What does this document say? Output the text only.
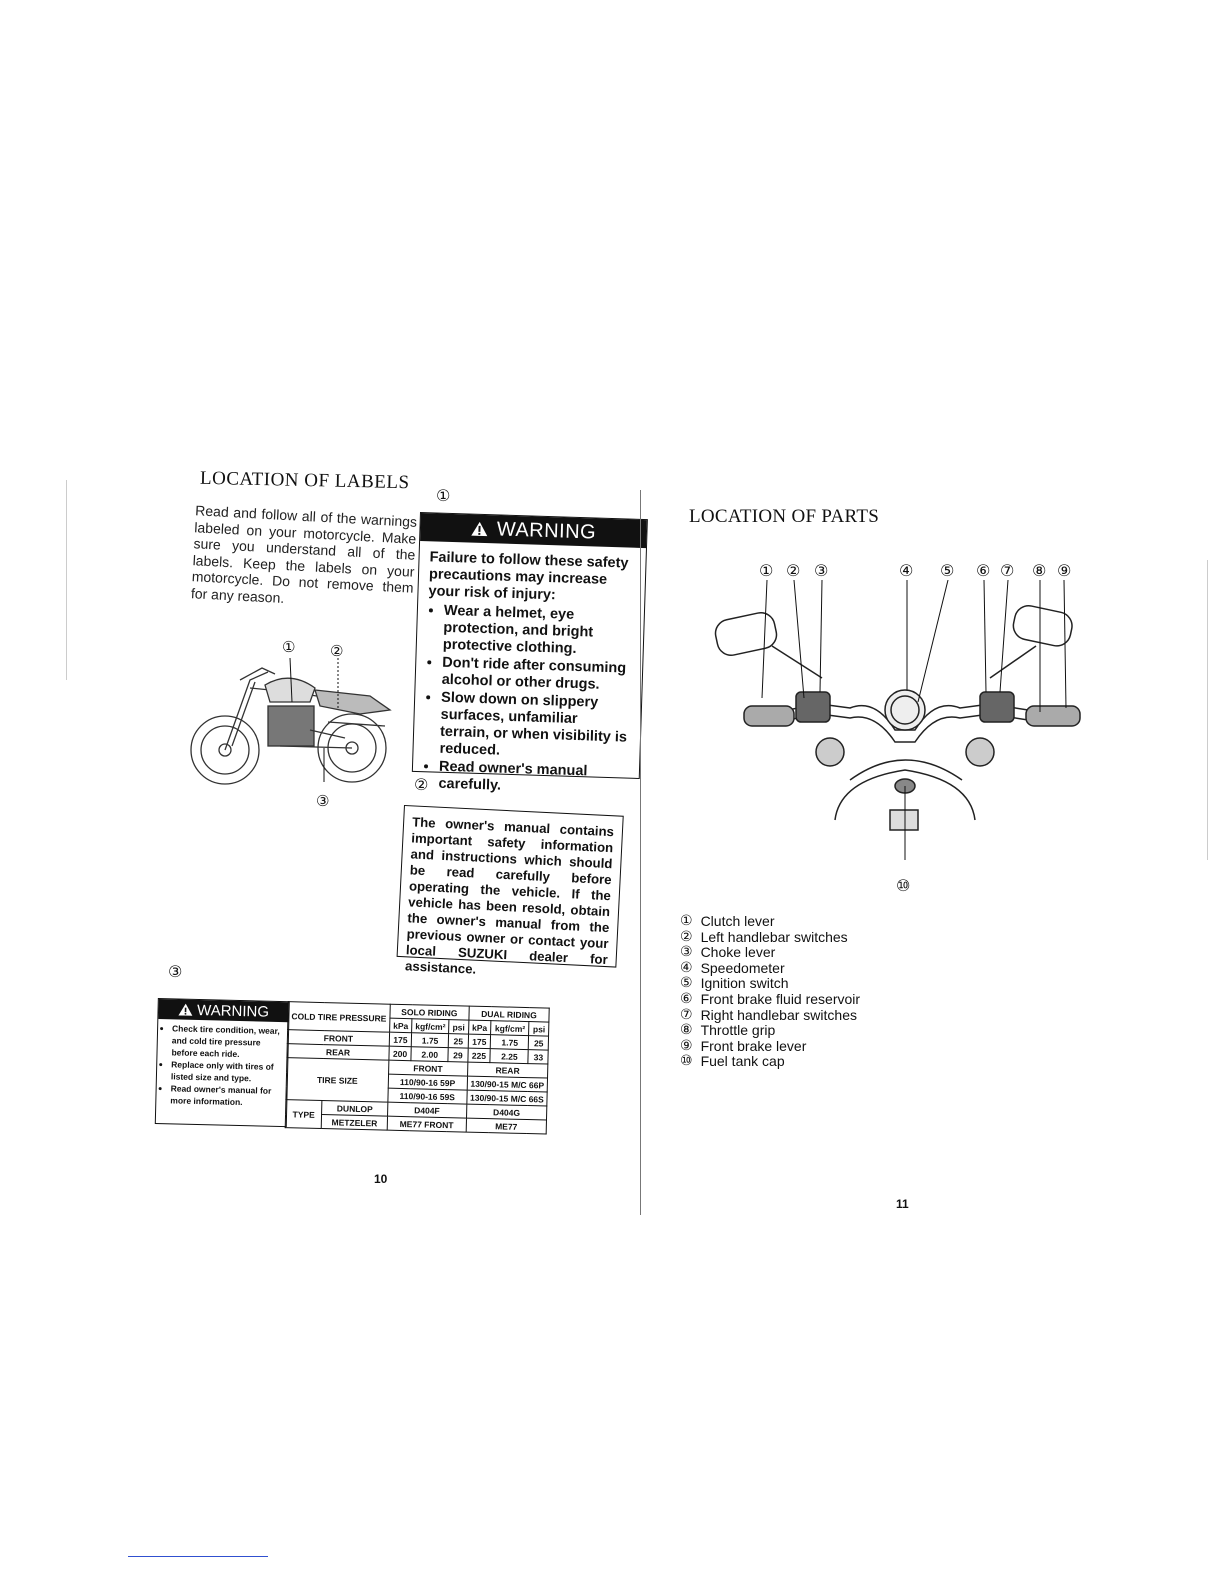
LOCATION OF LABELS
Read and follow all of the warnings labeled on your motorcycle. Make sure you understand all of the labels. Keep the labels on your motorcycle. Do not remove them for any reason.
① ②
③
①
WARNING
Failure to follow these safety precautions may increase your risk of injury:
• Wear a helmet, eye protection, and bright protective clothing.
• Don't ride after consuming alcohol or other drugs.
• Slow down on slippery surfaces, unfamiliar terrain, or when visibility is reduced.
• Read owner's manual carefully.
②
The owner's manual contains important safety information and instructions which should be read carefully before operating the vehicle. If the vehicle has been resold, obtain the owner's manual from the previous owner or contact your local SUZUKI dealer for assistance.
③
WARNING
• Check tire condition, wear, and cold tire pressure before each ride.
• Replace only with tires of listed size and type.
• Read owner's manual for more information.
COLD TIRE PRESSURE		SOLO RIDING			DUAL RIDING		
		kPa	kgf/cm²	psi	kPa	kgf/cm²	psi
FRONT		175	1.75	25	175	1.75	25
REAR		200	2.00	29	225	2.25	33
TIRE SIZE		FRONT			REAR		
		110/90-16 59P			130/90-15 M/C 66P		
		110/90-16 59S			130/90-15 M/C 66S		
TYPE	DUNLOP	D404F			D404G		
	METZELER	ME77 FRONT			ME77		
10
LOCATION OF PARTS
① ② ③	④ ⑤ ⑥ ⑦ ⑧ ⑨
⑩
① Clutch lever
② Left handlebar switches
③ Choke lever
④ Speedometer
⑤ Ignition switch
⑥ Front brake fluid reservoir
⑦ Right handlebar switches
⑧ Throttle grip
⑨ Front brake lever
⑩ Fuel tank cap
11
